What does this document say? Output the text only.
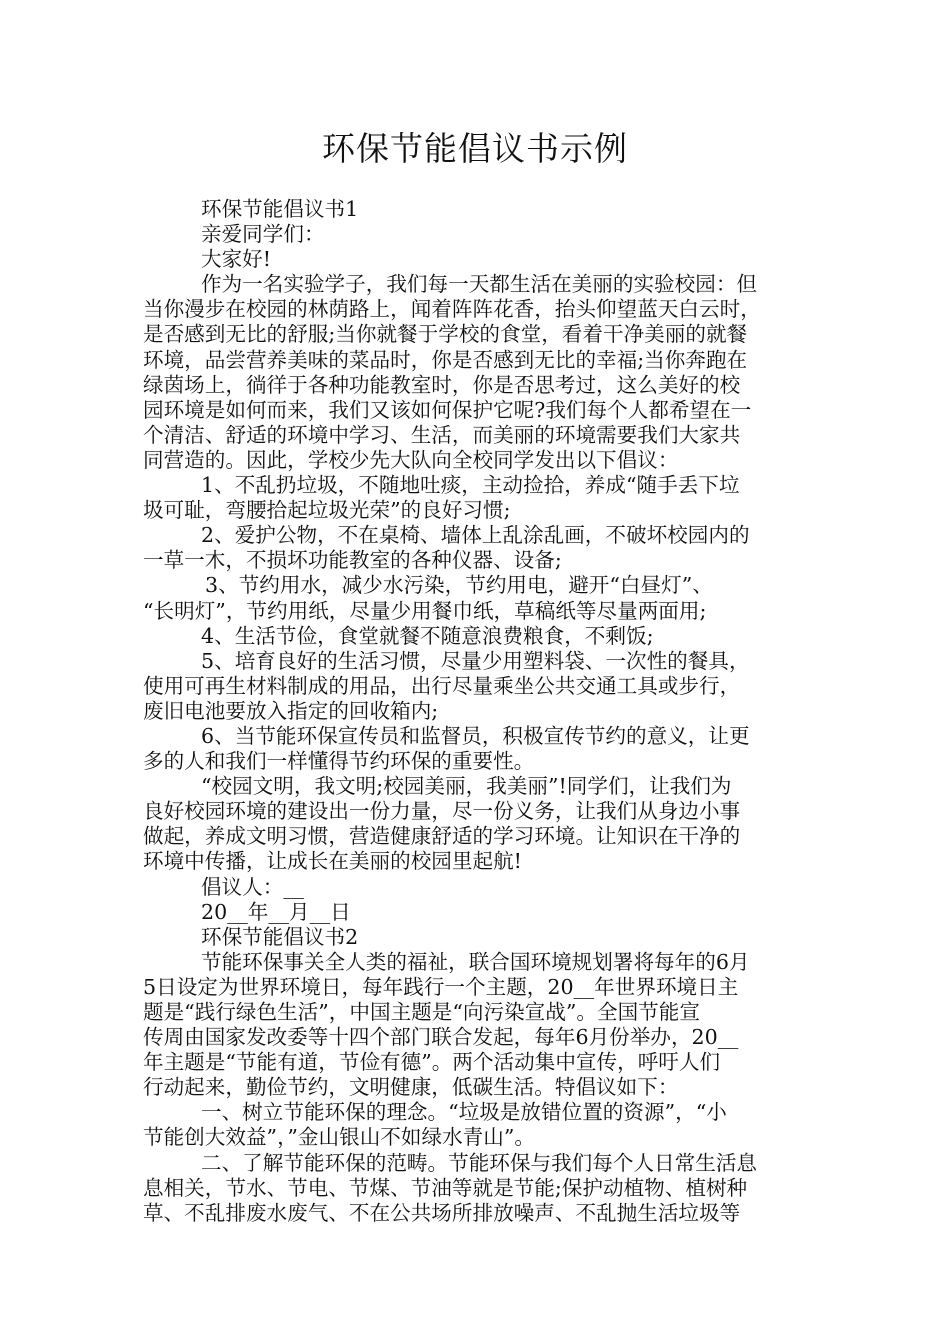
环保节能倡议书示例
环保节能倡议书1
亲爱同学们：
大家好!
作为一名实验学子，我们每一天都生活在美丽的实验校园：但
当你漫步在校园的林荫路上，闻着阵阵花香，抬头仰望蓝天白云时，
是否感到无比的舒服;当你就餐于学校的食堂，看着干净美丽的就餐
环境，品尝营养美味的菜品时，你是否感到无比的幸福;当你奔跑在
绿茵场上，徜徉于各种功能教室时，你是否思考过，这么美好的校
园环境是如何而来，我们又该如何保护它呢?我们每个人都希望在一
个清洁、舒适的环境中学习、生活，而美丽的环境需要我们大家共
同营造的。因此，学校少先大队向全校同学发出以下倡议：
1、不乱扔垃圾，不随地吐痰，主动捡拾，养成“随手丢下垃
圾可耻，弯腰拾起垃圾光荣”的良好习惯;
2、爱护公物，不在桌椅、墙体上乱涂乱画，不破坏校园内的
一草一木，不损坏功能教室的各种仪器、设备;
3、节约用水，减少水污染，节约用电，避开“白昼灯”、
“长明灯”，节约用纸，尽量少用餐巾纸，草稿纸等尽量两面用;
4、生活节俭，食堂就餐不随意浪费粮食，不剩饭;
5、培育良好的生活习惯，尽量少用塑料袋、一次性的餐具，
使用可再生材料制成的用品，出行尽量乘坐公共交通工具或步行，
废旧电池要放入指定的回收箱内;
6、当节能环保宣传员和监督员，积极宣传节约的意义，让更
多的人和我们一样懂得节约环保的重要性。
“校园文明，我文明;校园美丽，我美丽”!同学们，让我们为
良好校园环境的建设出一份力量，尽一份义务，让我们从身边小事
做起，养成文明习惯，营造健康舒适的学习环境。让知识在干净的
环境中传播，让成长在美丽的校园里起航!
倡议人：__
20__年__月__日
环保节能倡议书2
节能环保事关全人类的福祉，联合国环境规划署将每年的6月
5日设定为世界环境日，每年践行一个主题，20__年世界环境日主
题是“践行绿色生活”，中国主题是“向污染宣战”。全国节能宣
传周由国家发改委等十四个部门联合发起，每年6月份举办，20__
年主题是“节能有道，节俭有德”。两个活动集中宣传，呼吁人们
行动起来，勤俭节约，文明健康，低碳生活。特倡议如下：
一、树立节能环保的理念。“垃圾是放错位置的资源”，“小
节能创大效益”，”金山银山不如绿水青山”。
二、了解节能环保的范畴。节能环保与我们每个人日常生活息
息相关，节水、节电、节煤、节油等就是节能;保护动植物、植树种
草、不乱排废水废气、不在公共场所排放噪声、不乱抛生活垃圾等
